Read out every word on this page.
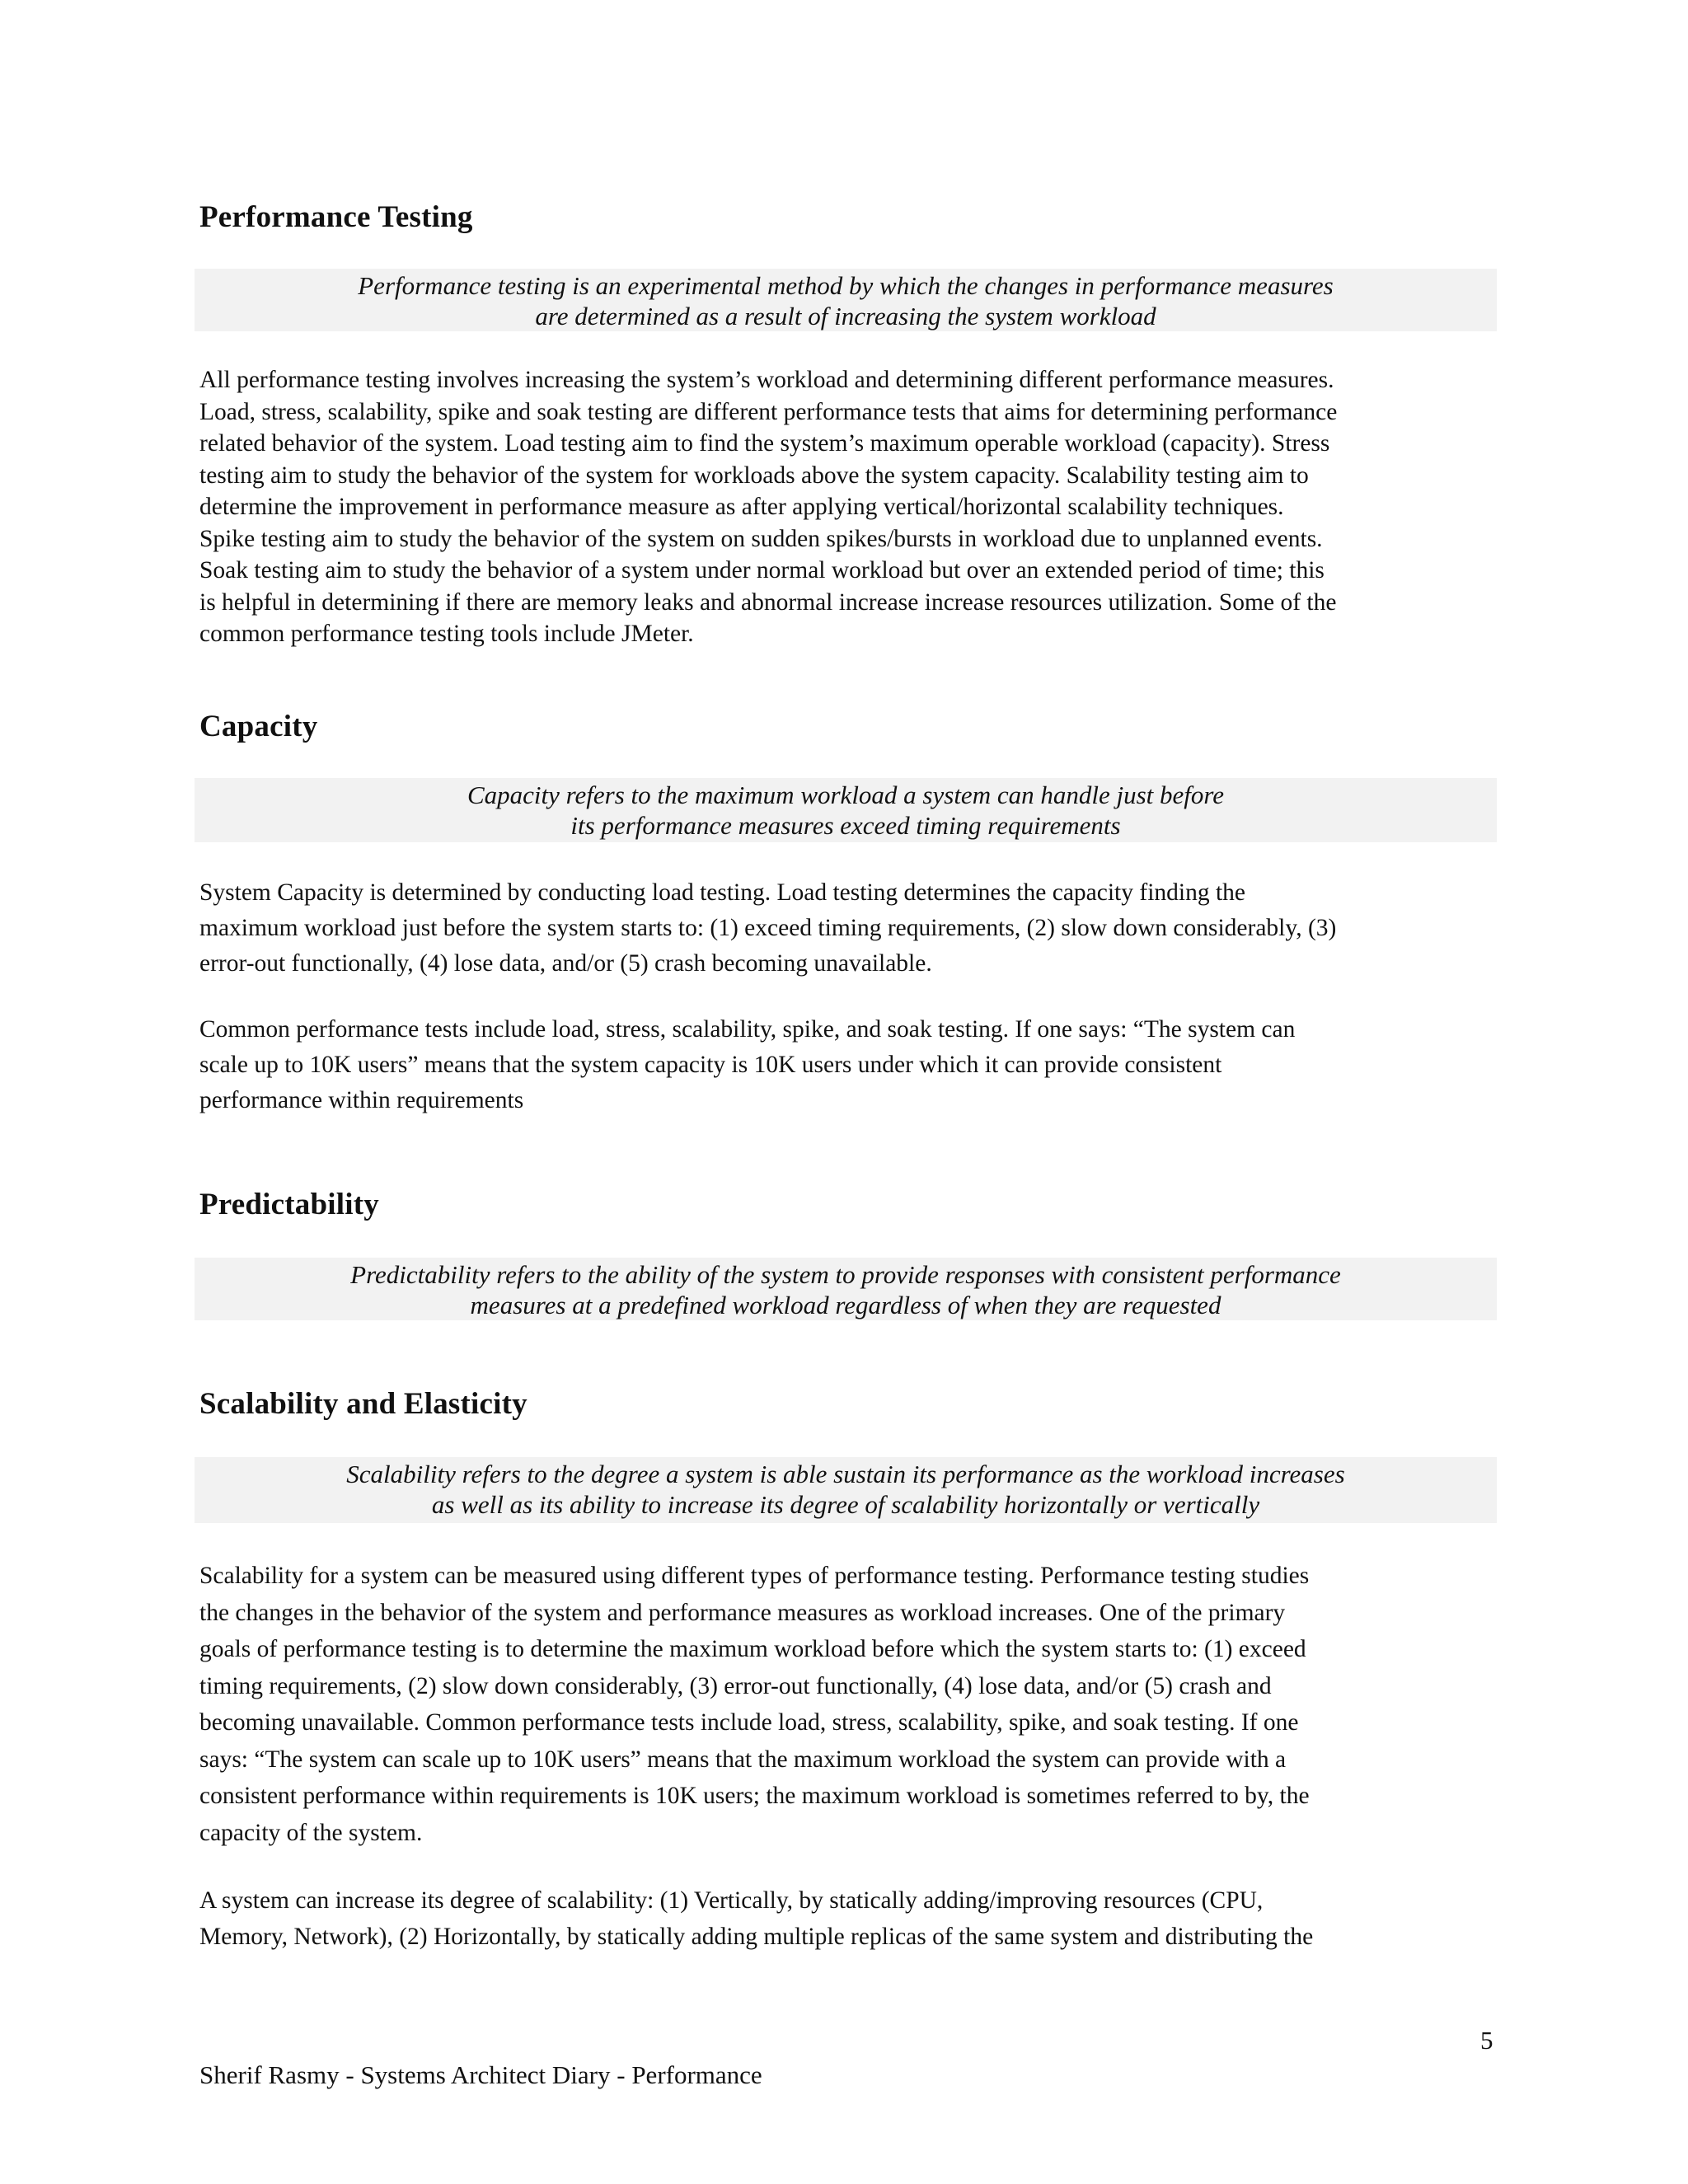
Performance Testing
Performance testing is an experimental method by which the changes in performance measures
are determined as a result of increasing the system workload

All performance testing involves increasing the system’s workload and determining different performance measures.
Load, stress, scalability, spike and soak testing are different performance tests that aims for determining performance
related behavior of the system. Load testing aim to find the system’s maximum operable workload (capacity). Stress
testing aim to study the behavior of the system for workloads above the system capacity. Scalability testing aim to
determine the improvement in performance measure as after applying vertical/horizontal scalability techniques.
Spike testing aim to study the behavior of the system on sudden spikes/bursts in workload due to unplanned events.
Soak testing aim to study the behavior of a system under normal workload but over an extended period of time; this
is helpful in determining if there are memory leaks and abnormal increase increase resources utilization. Some of the
common performance testing tools include JMeter.

Capacity
Capacity refers to the maximum workload a system can handle just before
its performance measures exceed timing requirements

System Capacity is determined by conducting load testing. Load testing determines the capacity finding the
maximum workload just before the system starts to: (1) exceed timing requirements, (2) slow down considerably, (3)
error-out functionally, (4) lose data, and/or (5) crash becoming unavailable.

Common performance tests include load, stress, scalability, spike, and soak testing. If one says: “The system can
scale up to 10K users” means that the system capacity is 10K users under which it can provide consistent
performance within requirements

Predictability
Predictability refers to the ability of the system to provide responses with consistent performance
measures at a predefined workload regardless of when they are requested
Scalability and Elasticity
Scalability refers to the degree a system is able sustain its performance as the workload increases
as well as its ability to increase its degree of scalability horizontally or vertically

Scalability for a system can be measured using different types of performance testing. Performance testing studies
the changes in the behavior of the system and performance measures as workload increases. One of the primary
goals of performance testing is to determine the maximum workload before which the system starts to: (1) exceed
timing requirements, (2) slow down considerably, (3) error-out functionally, (4) lose data, and/or (5) crash and
becoming unavailable. Common performance tests include load, stress, scalability, spike, and soak testing. If one
says: “The system can scale up to 10K users” means that the maximum workload the system can provide with a
consistent performance within requirements is 10K users; the maximum workload is sometimes referred to by, the
capacity of the system.

A system can increase its degree of scalability: (1) Vertically, by statically adding/improving resources (CPU,
Memory, Network), (2) Horizontally, by statically adding multiple replicas of the same system and distributing the

5
Sherif Rasmy - Systems Architect Diary - Performance
